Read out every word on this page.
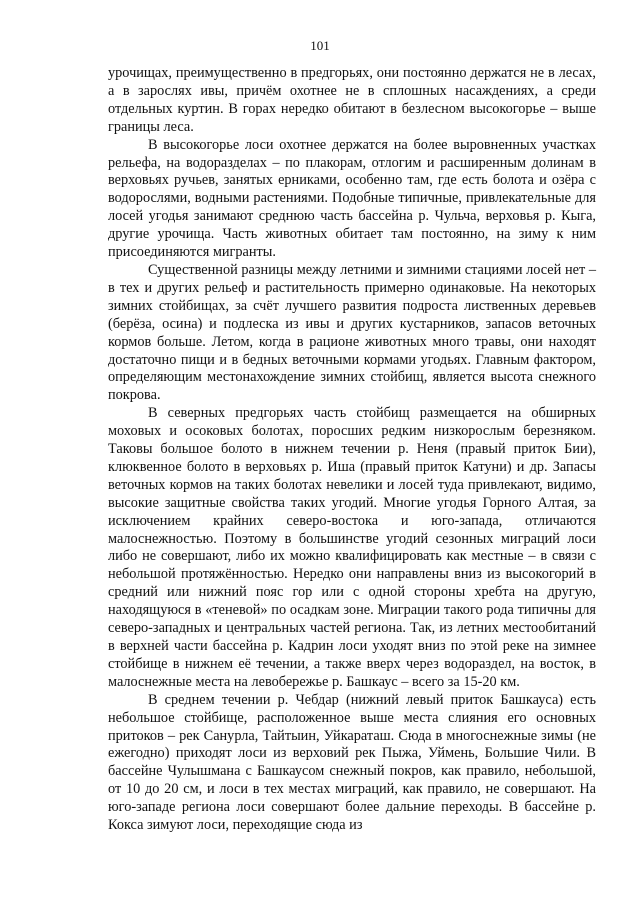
101

урочищах, преимущественно в предгорьях, они постоянно держатся не в лесах, а в зарослях ивы, причём охотнее не в сплошных насаждениях, а среди отдельных куртин. В горах нередко обитают в безлесном высокогорье – выше границы леса.

В высокогорье лоси охотнее держатся на более выровненных участках рельефа, на водоразделах – по плакорам, отлогим и расширенным долинам в верховьях ручьев, занятых ерниками, особенно там, где есть болота и озёра с водорослями, водными растениями. Подобные типичные, привлекательные для лосей угодья занимают среднюю часть бассейна р. Чульча, верховья р. Кыга, другие урочища. Часть животных обитает там постоянно, на зиму к ним присоединяются мигранты.

Существенной разницы между летними и зимними стациями лосей нет – в тех и других рельеф и растительность примерно одинаковые. На некоторых зимних стойбищах, за счёт лучшего развития подроста лиственных деревьев (берёза, осина) и подлеска из ивы и других кустарников, запасов веточных кормов больше. Летом, когда в рационе животных много травы, они находят достаточно пищи и в бедных веточными кормами угодьях. Главным фактором, определяющим местонахождение зимних стойбищ, является высота снежного покрова.

В северных предгорьях часть стойбищ размещается на обширных моховых и осоковых болотах, поросших редким низкорослым березняком. Таковы большое болото в нижнем течении р. Неня (правый приток Бии), клюквенное болото в верховьях р. Иша (правый приток Катуни) и др. Запасы веточных кормов на таких болотах невелики и лосей туда привлекают, видимо, высокие защитные свойства таких угодий. Многие угодья Горного Алтая, за исключением крайних северо-востока и юго-запада, отличаются малоснежностью. Поэтому в большинстве угодий сезонных миграций лоси либо не совершают, либо их можно квалифицировать как местные – в связи с небольшой протяжённостью. Нередко они направлены вниз из высокогорий в средний или нижний пояс гор или с одной стороны хребта на другую, находящуюся в «теневой» по осадкам зоне. Миграции такого рода типичны для северо-западных и центральных частей региона. Так, из летних местообитаний в верхней части бассейна р. Кадрин лоси уходят вниз по этой реке на зимнее стойбище в нижнем её течении, а также вверх через водораздел, на восток, в малоснежные места на левобережье р. Башкаус – всего за 15-20 км.

В среднем течении р. Чебдар (нижний левый приток Башкауса) есть небольшое стойбище, расположенное выше места слияния его основных притоков – рек Санурла, Тайтыин, Уйкараташ. Сюда в многоснежные зимы (не ежегодно) приходят лоси из верховий рек Пыжа, Уймень, Большие Чили. В бассейне Чулышмана с Башкаусом снежный покров, как правило, небольшой, от 10 до 20 см, и лоси в тех местах миграций, как правило, не совершают. На юго-западе региона лоси совершают более дальние переходы. В бассейне р. Кокса зимуют лоси, переходящие сюда из
